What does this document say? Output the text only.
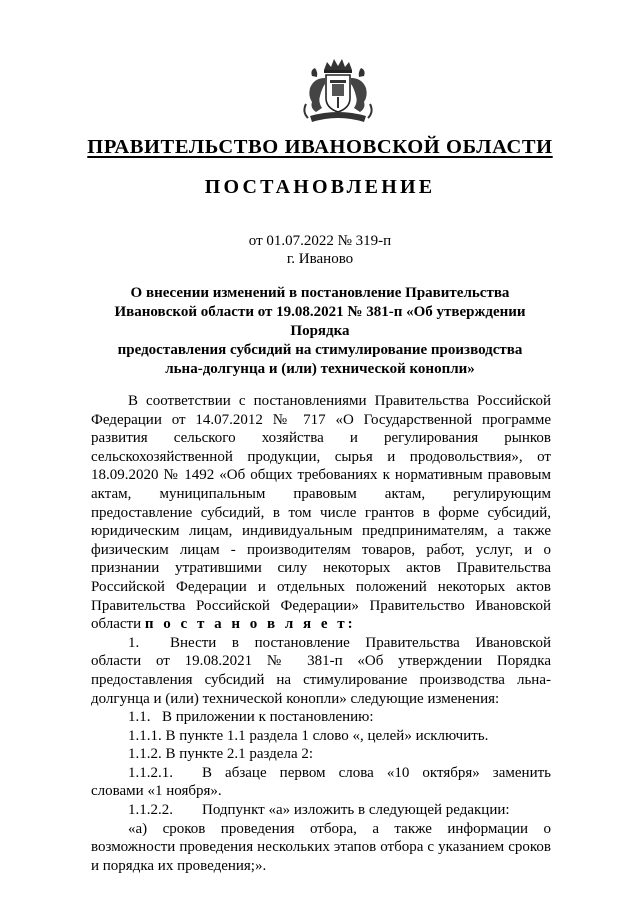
ПРАВИТЕЛЬСТВО ИВАНОВСКОЙ ОБЛАСТИ
ПОСТАНОВЛЕНИЕ
от 01.07.2022 № 319-п
г. Иваново
О внесении изменений в постановление Правительства
Ивановской области от 19.08.2021 № 381-п «Об утверждении Порядка
предоставления субсидий на стимулирование производства
льна-долгунца и (или) технической конопли»

В соответствии с постановлениями Правительства Российской Федерации от 14.07.2012 № 717 «О Государственной программе развития сельского хозяйства и регулирования рынков сельскохозяйственной продукции, сырья и продовольствия», от 18.09.2020 № 1492 «Об общих требованиях к нормативным правовым актам, муниципальным правовым актам, регулирующим предоставление субсидий, в том числе грантов в форме субсидий, юридическим лицам, индивидуальным предпринимателям, а также физическим лицам - производителям товаров, работ, услуг, и о признании утратившими силу некоторых актов Правительства Российской Федерации и отдельных положений некоторых актов Правительства Российской Федерации» Правительство Ивановской области п о с т а н о в л я е т:

1. Внести в постановление Правительства Ивановской области от 19.08.2021 № 381-п «Об утверждении Порядка предоставления субсидий на стимулирование производства льна-долгунца и (или) технической конопли» следующие изменения:

1.1. В приложении к постановлению:

1.1.1. В пункте 1.1 раздела 1 слово «, целей» исключить.

1.1.2. В пункте 2.1 раздела 2:

1.1.2.1. В абзаце первом слова «10 октября» заменить словами «1 ноября».

1.1.2.2. Подпункт «а» изложить в следующей редакции:

«а) сроков проведения отбора, а также информации о возможности проведения нескольких этапов отбора с указанием сроков и порядка их проведения;».
